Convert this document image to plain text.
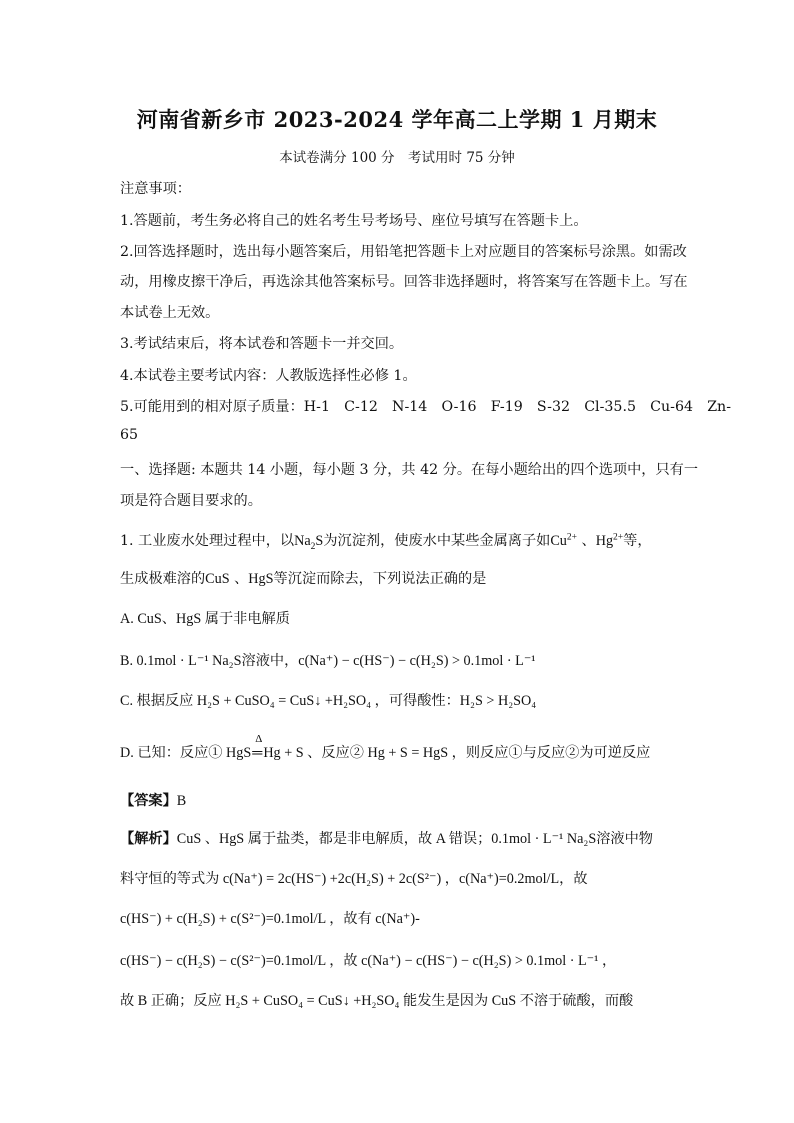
河南省新乡市 2023-2024 学年高二上学期 1 月期末
本试卷满分 100 分　考试用时 75 分钟
注意事项：
1.答题前，考生务必将自己的姓名考生号考场号、座位号填写在答题卡上。
2.回答选择题时，选出每小题答案后，用铅笔把答题卡上对应题目的答案标号涂黑。如需改
动，用橡皮擦干净后，再选涂其他答案标号。回答非选择题时，将答案写在答题卡上。写在
本试卷上无效。
3.考试结束后，将本试卷和答题卡一并交回。
4.本试卷主要考试内容：人教版选择性必修 1。
5.可能用到的相对原子质量：H-1　C-12　N-14　O-16　F-19　S-32　Cl-35.5　Cu-64　Zn-
65
一、选择题: 本题共 14 小题，每小题 3 分，共 42 分。在每小题给出的四个选项中，只有一
项是符合题目要求的。
1. 工业废水处理过程中，以$Na_2S$为沉淀剂，使废水中某些金属离子如$Cu^{2+}$ 、$Hg^{2+}$等，
生成极难溶的CuS 、HgS等沉淀而除去，下列说法正确的是
A. CuS、HgS 属于非电解质
B. 0.1mol · L⁻¹ Na₂S溶液中，c(Na⁺) − c(HS⁻) − c(H₂S) > 0.1mol · L⁻¹
C. 根据反应 H₂S + CuSO₄ = CuS↓ +H₂SO₄ ，可得酸性：H₂S > H₂SO₄
D. 已知：反应① HgS
Δ
═Hg + S 、反应② Hg + S = HgS ，则反应①与反应②为可逆反应
【答案】B
【解析】CuS 、HgS 属于盐类，都是非电解质，故 A 错误；0.1mol · L⁻¹ Na₂S溶液中物
料守恒的等式为 c(Na⁺) = 2c(HS⁻) +2c(H₂S) + 2c(S²⁻) ，c(Na⁺)=0.2mol/L，故
c(HS⁻) + c(H₂S) + c(S²⁻)=0.1mol/L ，故有 c(Na⁺)-
c(HS⁻) − c(H₂S) − c(S²⁻)=0.1mol/L ，故 c(Na⁺) − c(HS⁻) − c(H₂S) > 0.1mol · L⁻¹ ，
故 B 正确；反应 H₂S + CuSO₄ = CuS↓ +H₂SO₄ 能发生是因为 CuS 不溶于硫酸，而酸
